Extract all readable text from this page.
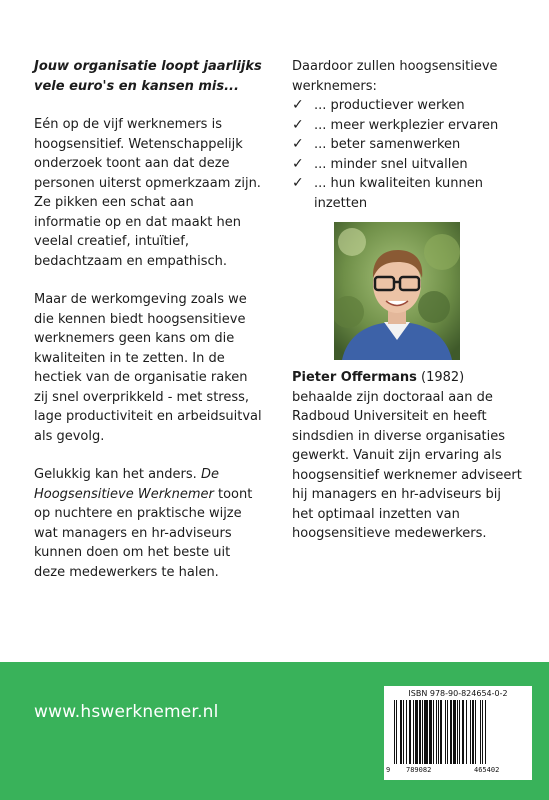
Jouw organisatie loopt jaarlijks vele euro's en kansen mis...

Eén op de vijf werknemers is hoogsensitief. Wetenschappelijk onderzoek toont aan dat deze personen uiterst opmerkzaam zijn. Ze pikken een schat aan informatie op en dat maakt hen veelal creatief, intuïtief, bedachtzaam en empathisch.

Maar de werkomgeving zoals we die kennen biedt hoogsensitieve werknemers geen kans om die kwaliteiten in te zetten. In de hectiek van de organisatie raken zij snel overprikkeld - met stress, lage productiviteit en arbeidsuitval als gevolg.

Gelukkig kan het anders. De Hoogsensitieve Werknemer toont op nuchtere en praktische wijze wat managers en hr-adviseurs kunnen doen om het beste uit deze medewerkers te halen.

Daardoor zullen hoogsensitieve werknemers:

✓ ... productiever werken
✓ ... meer werkplezier ervaren
✓ ... beter samenwerken
✓ ... minder snel uitvallen
✓ ... hun kwaliteiten kunnen inzetten
Pieter Offermans (1982) behaalde zijn doctoraal aan de Radboud Universiteit en heeft sindsdien in diverse organisaties gewerkt. Vanuit zijn ervaring als hoogsensitief werknemer adviseert hij managers en hr-adviseurs bij het optimaal inzetten van hoogsensitieve medewerkers.
www.hswerknemer.nl
ISBN 978-90-824654-0-2
9 789082	465402
